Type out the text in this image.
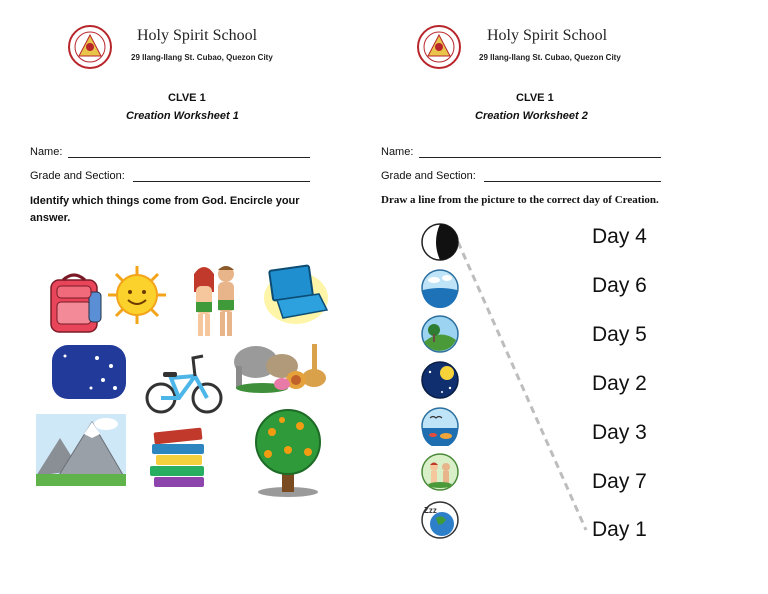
Holy Spirit School
29 Ilang-Ilang St. Cubao, Quezon City
CLVE 1
Creation Worksheet 1
Name:
Grade and Section:
Identify which things come from God. Encircle your answer.
Holy Spirit School
29 Ilang-Ilang St. Cubao, Quezon City
CLVE 1
Creation Worksheet 2
Name:
Grade and Section:
Draw a line from the picture to the correct day of Creation.
Zzz
Day 4
Day 6
Day 5
Day 2
Day 3
Day 7
Day 1
